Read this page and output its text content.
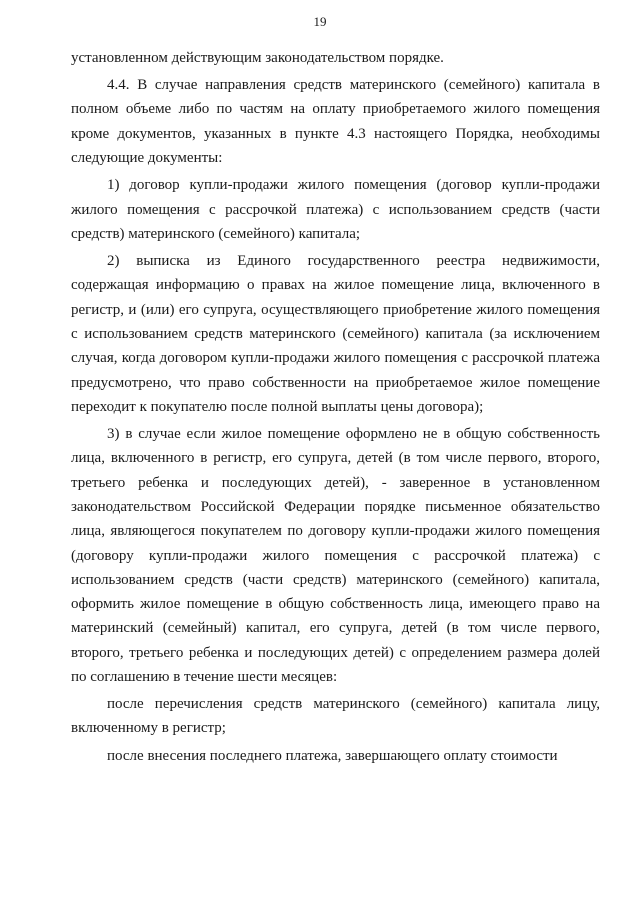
19

установленном действующим законодательством порядке.

4.4. В случае направления средств материнского (семейного) капитала в полном объеме либо по частям на оплату приобретаемого жилого помещения кроме документов, указанных в пункте 4.3 настоящего Порядка, необходимы следующие документы:

1) договор купли-продажи жилого помещения (договор купли-продажи жилого помещения с рассрочкой платежа) с использованием средств (части средств) материнского (семейного) капитала;

2) выписка из Единого государственного реестра недвижимости, содержащая информацию о правах на жилое помещение лица, включенного в регистр, и (или) его супруга, осуществляющего приобретение жилого помещения с использованием средств материнского (семейного) капитала (за исключением случая, когда договором купли-продажи жилого помещения с рассрочкой платежа предусмотрено, что право собственности на приобретаемое жилое помещение переходит к покупателю после полной выплаты цены договора);

3) в случае если жилое помещение оформлено не в общую собственность лица, включенного в регистр, его супруга, детей (в том числе первого, второго, третьего ребенка и последующих детей), - заверенное в установленном законодательством Российской Федерации порядке письменное обязательство лица, являющегося покупателем по договору купли-продажи жилого помещения (договору купли-продажи жилого помещения с рассрочкой платежа) с использованием средств (части средств) материнского (семейного) капитала, оформить жилое помещение в общую собственность лица, имеющего право на материнский (семейный) капитал, его супруга, детей (в том числе первого, второго, третьего ребенка и последующих детей) с определением размера долей по соглашению в течение шести месяцев:

после перечисления средств материнского (семейного) капитала лицу, включенному в регистр;

после внесения последнего платежа, завершающего оплату стоимости
